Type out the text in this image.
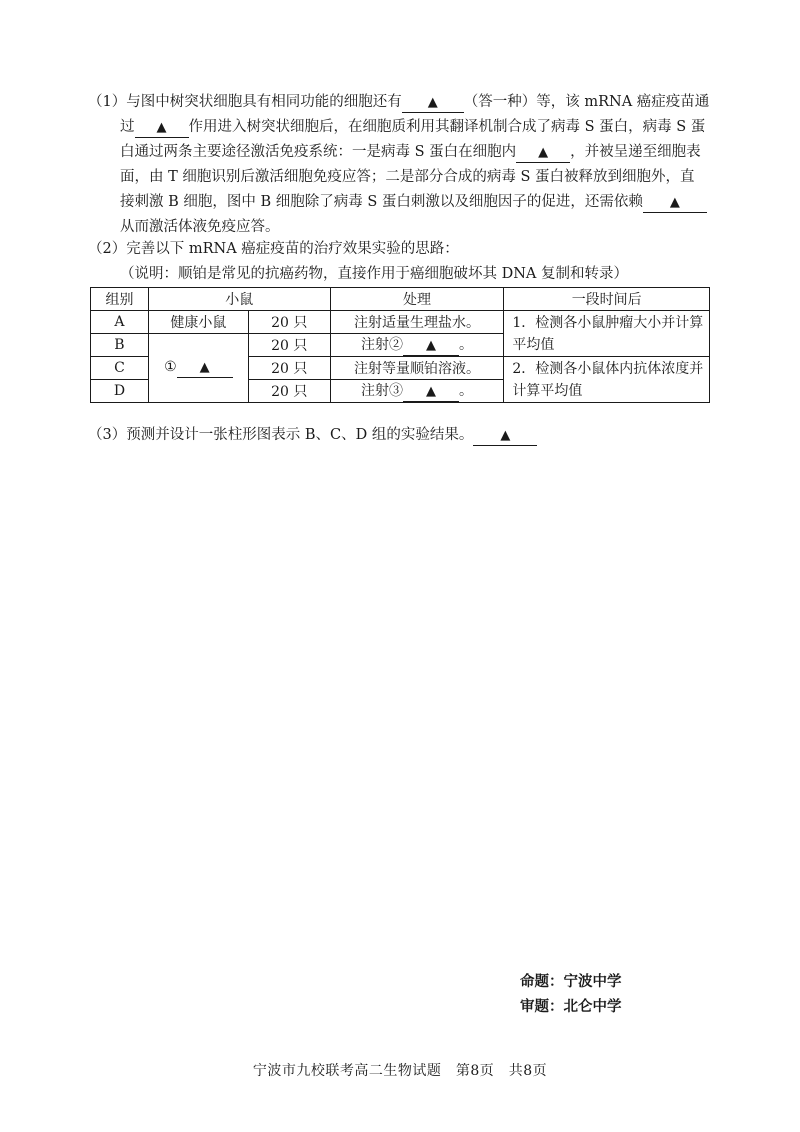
（1）与图中树突状细胞具有相同功能的细胞还有 ▲ （答一种）等，该 mRNA 癌症疫苗通

过 ▲ 作用进入树突状细胞后，在细胞质利用其翻译机制合成了病毒 S 蛋白，病毒 S 蛋

白通过两条主要途径激活免疫系统：一是病毒 S 蛋白在细胞内 ▲ ，并被呈递至细胞表

面，由 T 细胞识别后激活细胞免疫应答；二是部分合成的病毒 S 蛋白被释放到细胞外，直

接刺激 B 细胞，图中 B 细胞除了病毒 S 蛋白刺激以及细胞因子的促进，还需依赖 ▲

从而激活体液免疫应答。

（2）完善以下 mRNA 癌症疫苗的治疗效果实验的思路：

（说明：顺铂是常见的抗癌药物，直接作用于癌细胞破坏其 DNA 复制和转录）

组别	小鼠		处理	一段时间后
A	健康小鼠	20 只	注射适量生理盐水。	1．检测各小鼠肿瘤大小并计算平均值
B	① ▲	20 只	注射② ▲ 。	
C		20 只	注射等量顺铂溶液。	2．检测各小鼠体内抗体浓度并计算平均值
D		20 只	注射③ ▲ 。	

（3）预测并设计一张柱形图表示 B、C、D 组的实验结果。 ▲

命题：宁波中学
审题：北仑中学
宁波市九校联考高二生物试题　第8页　共8页
